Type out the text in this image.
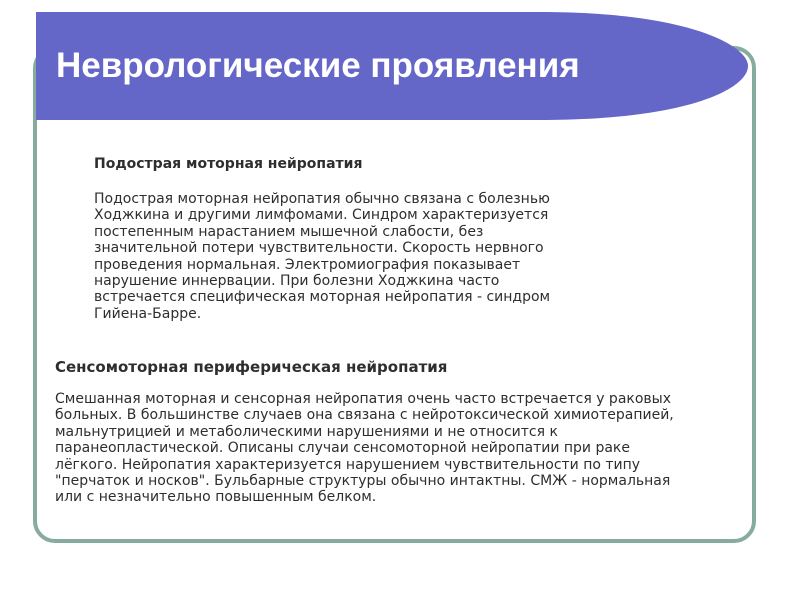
Неврологические проявления
Подострая моторная нейропатия

Подострая моторная нейропатия обычно связана с болезнью
Ходжкина и другими лимфомами. Синдром характеризуется
постепенным нарастанием мышечной слабости, без
значительной потери чувствительности. Скорость нервного
проведения нормальная. Электромиография показывает
нарушение иннервации. При болезни Ходжкина часто
встречается специфическая моторная нейропатия - синдром
Гийена-Барре.

Сенсомоторная периферическая нейропатия

Смешанная моторная и сенсорная нейропатия очень часто встречается у раковых
больных. В большинстве случаев она связана с нейротоксической химиотерапией,
мальнутрицией и метаболическими нарушениями и не относится к
паранеопластической. Описаны случаи сенсомоторной нейропатии при раке
лёгкого. Нейропатия характеризуется нарушением чувствительности по типу
"перчаток и носков". Бульбарные структуры обычно интактны. СМЖ - нормальная
или с незначительно повышенным белком.
